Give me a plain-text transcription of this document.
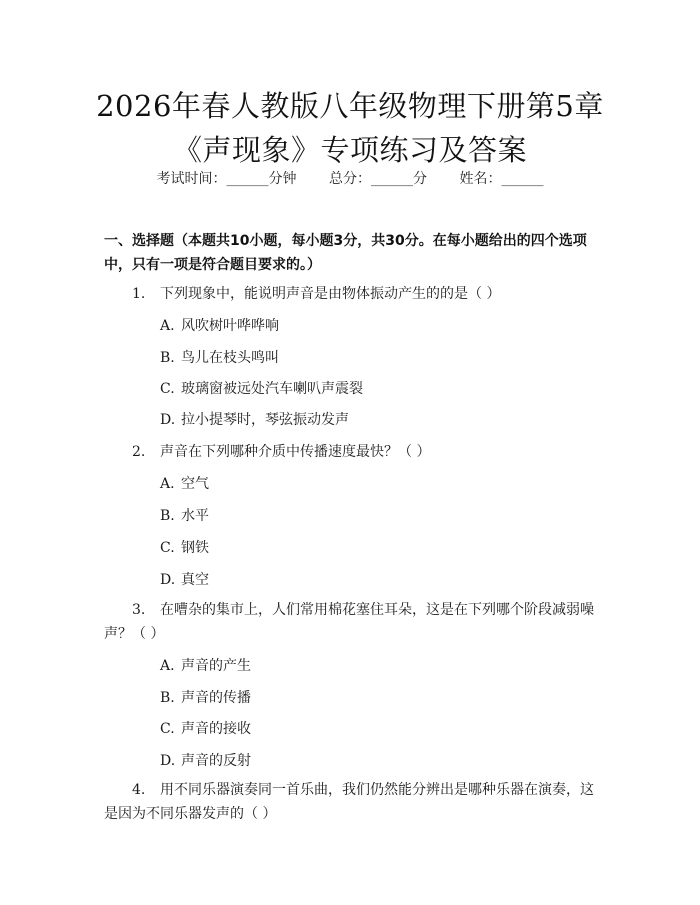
2026年春人教版八年级物理下册第5章《声现象》专项练习及答案
考试时间：______分钟 总分：______分 姓名：______
一、选择题（本题共10小题，每小题3分，共30分。在每小题给出的四个选项中，只有一项是符合题目要求的。）
1. 下列现象中，能说明声音是由物体振动产生的的是（ ）
A. 风吹树叶哗哗响
B. 鸟儿在枝头鸣叫
C. 玻璃窗被远处汽车喇叭声震裂
D. 拉小提琴时，琴弦振动发声
2. 声音在下列哪种介质中传播速度最快？（ ）
A. 空气
B. 水平
C. 钢铁
D. 真空
3. 在嘈杂的集市上，人们常用棉花塞住耳朵，这是在下列哪个阶段减弱噪声？（ ）
A. 声音的产生
B. 声音的传播
C. 声音的接收
D. 声音的反射
4. 用不同乐器演奏同一首乐曲，我们仍然能分辨出是哪种乐器在演奏，这是因为不同乐器发声的（ ）
